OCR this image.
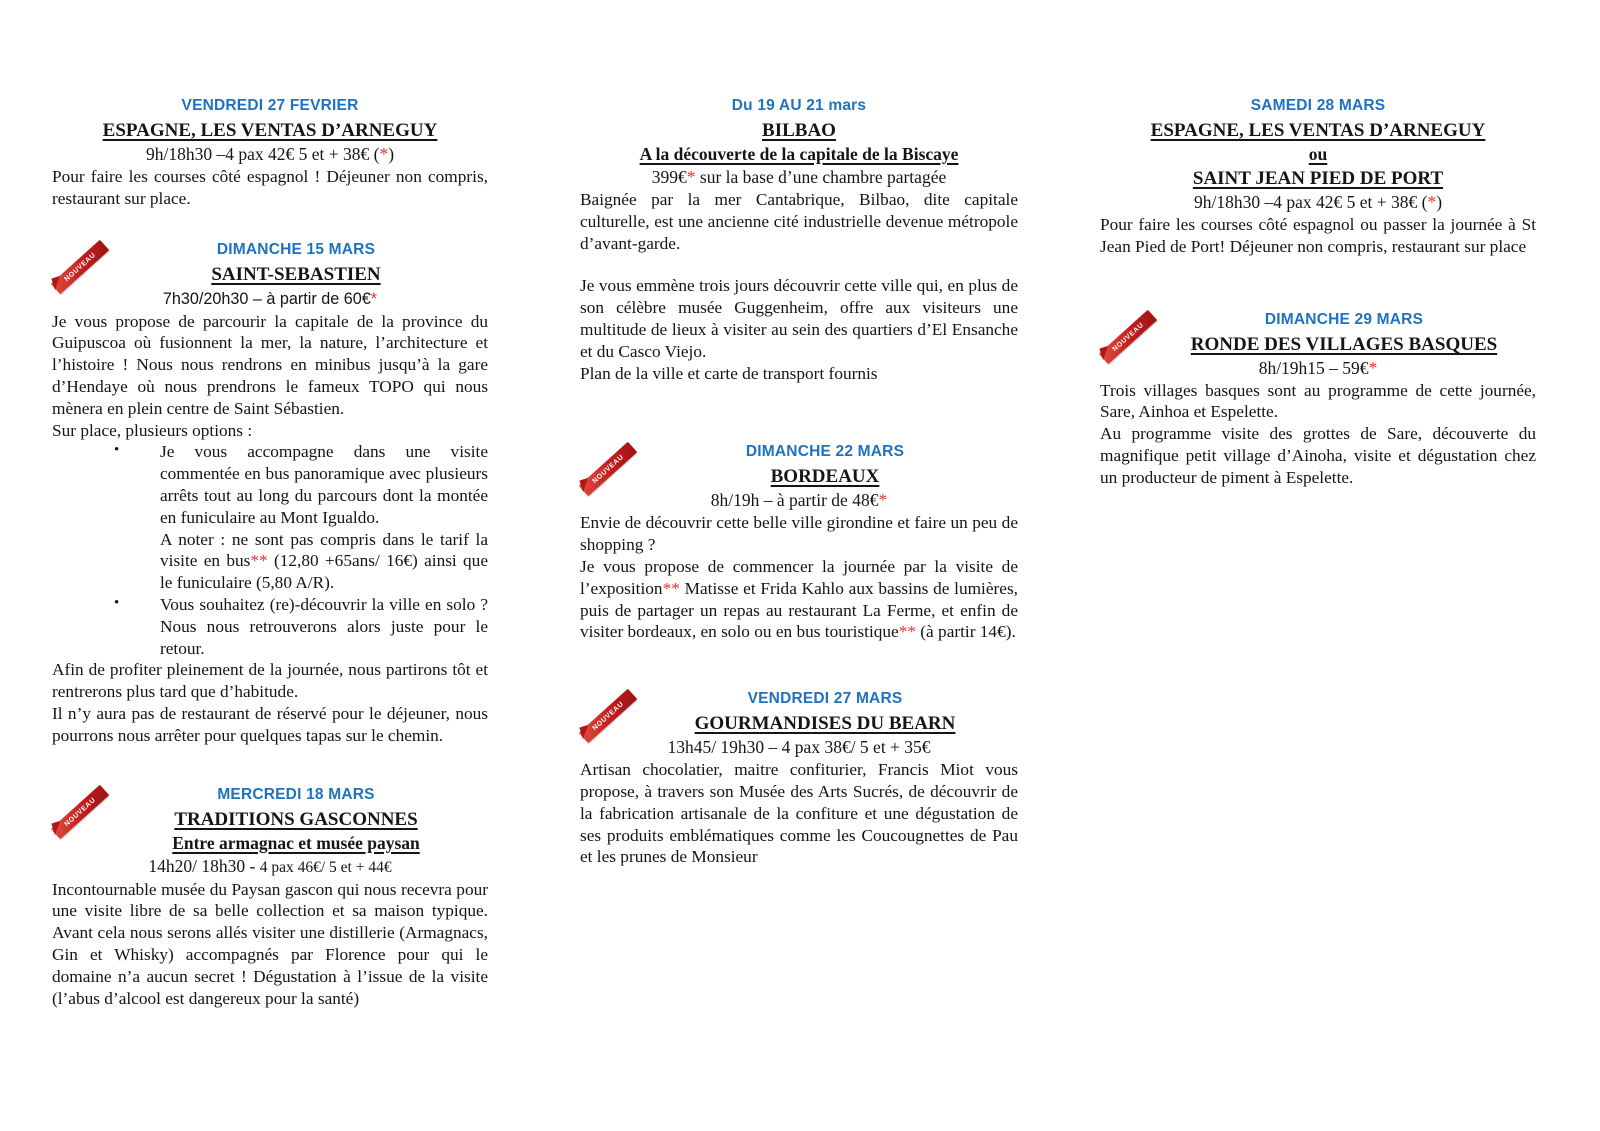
VENDREDI 27 FEVRIER
ESPAGNE, LES VENTAS D’ARNEGUY
9h/18h30 –4 pax 42€ 5 et + 38€ (*)

Pour faire les courses côté espagnol ! Déjeuner non compris, restaurant sur place.

NOUVEAU
DIMANCHE 15 MARS
SAINT-SEBASTIEN
7h30/20h30 – à partir de 60€*

Je vous propose de parcourir la capitale de la province du Guipuscoa où fusionnent la mer, la nature, l’architecture et l’histoire ! Nous nous rendrons en minibus jusqu’à la gare d’Hendaye où nous prendrons le fameux TOPO qui nous mènera en plein centre de Saint Sébastien.

Sur place, plusieurs options :

• Je vous accompagne dans une visite commentée en bus panoramique avec plusieurs arrêts tout au long du parcours dont la montée en funiculaire au Mont Igualdo.
A noter : ne sont pas compris dans le tarif la visite en bus** (12,80 +65ans/ 16€) ainsi que le funiculaire (5,80 A/R).
• Vous souhaitez (re)-découvrir la ville en solo ? Nous nous retrouverons alors juste pour le retour.

Afin de profiter pleinement de la journée, nous partirons tôt et rentrerons plus tard que d’habitude.

Il n’y aura pas de restaurant de réservé pour le déjeuner, nous pourrons nous arrêter pour quelques tapas sur le chemin.

NOUVEAU
MERCREDI 18 MARS
TRADITIONS GASCONNES
Entre armagnac et musée paysan
14h20/ 18h30 - 4 pax 46€/ 5 et + 44€

Incontournable musée du Paysan gascon qui nous recevra pour une visite libre de sa belle collection et sa maison typique. Avant cela nous serons allés visiter une distillerie (Armagnacs, Gin et Whisky) accompagnés par Florence pour qui le domaine n’a aucun secret ! Dégustation à l’issue de la visite (l’abus d’alcool est dangereux pour la santé)

Du 19 AU 21 mars
BILBAO
A la découverte de la capitale de la Biscaye
399€* sur la base d’une chambre partagée

Baignée par la mer Cantabrique, Bilbao, dite capitale culturelle, est une ancienne cité industrielle devenue métropole d’avant-garde.

Je vous emmène trois jours découvrir cette ville qui, en plus de son célèbre musée Guggenheim, offre aux visiteurs une multitude de lieux à visiter au sein des quartiers d’El Ensanche et du Casco Viejo.

Plan de la ville et carte de transport fournis

NOUVEAU
DIMANCHE 22 MARS
BORDEAUX
8h/19h – à partir de 48€*

Envie de découvrir cette belle ville girondine et faire un peu de shopping ?

Je vous propose de commencer la journée par la visite de l’exposition** Matisse et Frida Kahlo aux bassins de lumières, puis de partager un repas au restaurant La Ferme, et enfin de visiter bordeaux, en solo ou en bus touristique** (à partir 14€).

NOUVEAU
VENDREDI 27 MARS
GOURMANDISES DU BEARN
13h45/ 19h30 – 4 pax 38€/ 5 et + 35€

Artisan chocolatier, maitre confiturier, Francis Miot vous propose, à travers son Musée des Arts Sucrés, de découvrir de la fabrication artisanale de la confiture et une dégustation de ses produits emblématiques comme les Coucougnettes de Pau et les prunes de Monsieur

SAMEDI 28 MARS
ESPAGNE, LES VENTAS D’ARNEGUY
ou
SAINT JEAN PIED DE PORT
9h/18h30 –4 pax 42€ 5 et + 38€ (*)

Pour faire les courses côté espagnol ou passer la journée à St Jean Pied de Port! Déjeuner non compris, restaurant sur place

NOUVEAU
DIMANCHE 29 MARS
RONDE DES VILLAGES BASQUES
8h/19h15 – 59€*

Trois villages basques sont au programme de cette journée, Sare, Ainhoa et Espelette.

Au programme visite des grottes de Sare, découverte du magnifique petit village d’Ainoha, visite et dégustation chez un producteur de piment à Espelette.
